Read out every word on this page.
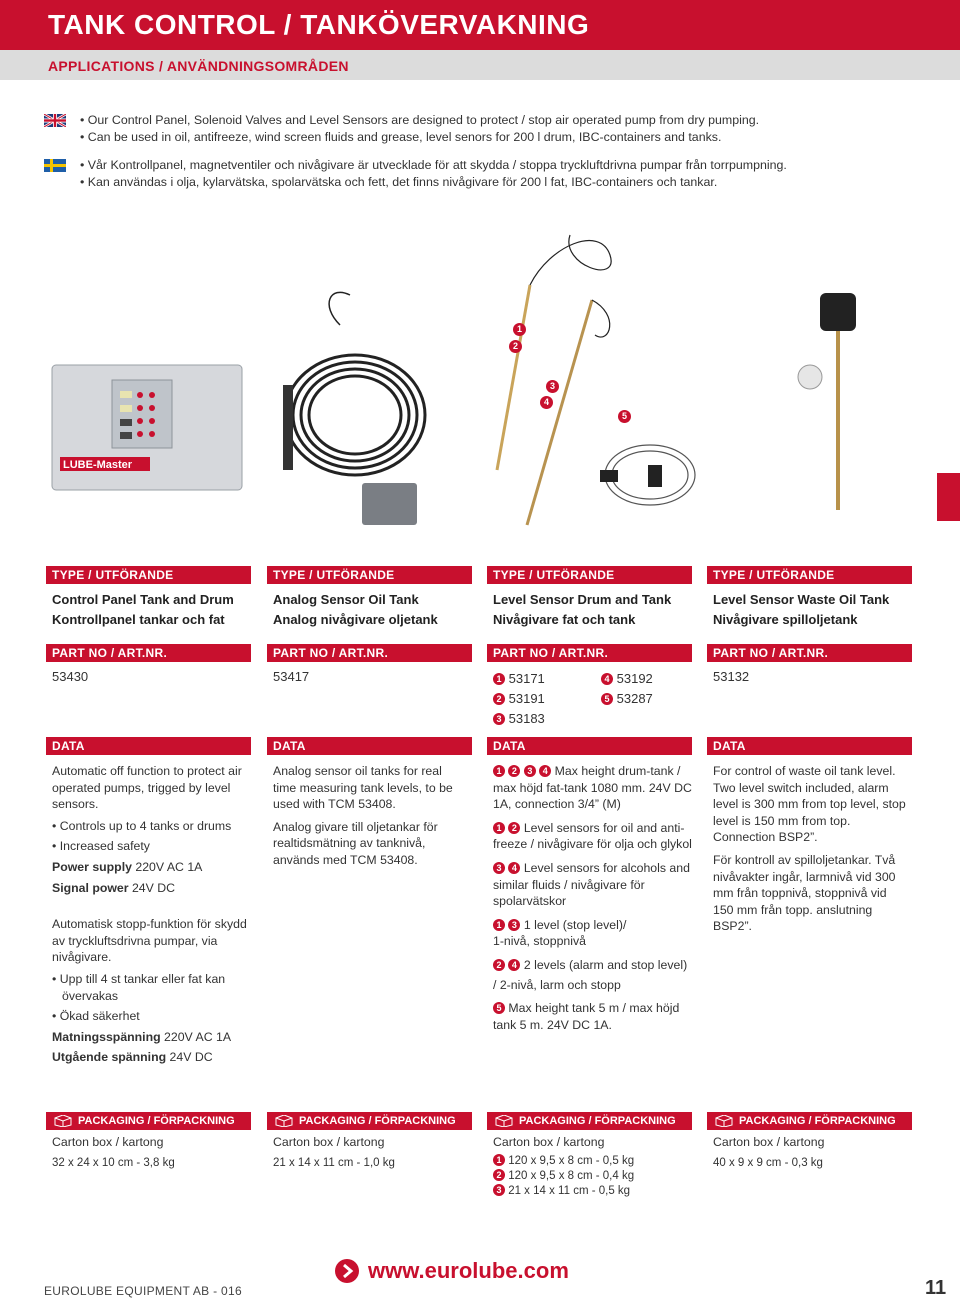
TANK CONTROL / TANKÖVERVAKNING
APPLICATIONS / ANVÄNDNINGSOMRÅDEN
• Our Control Panel, Solenoid Valves and Level Sensors are designed to protect / stop air operated pump from dry pumping.
• Can be used in oil, antifreeze, wind screen fluids and grease, level senors for 200 l drum, IBC-containers and tanks.
• Vår Kontrollpanel, magnetventiler och nivågivare är utvecklade för att skydda / stoppa tryckluftdrivna pumpar från torrpumpning.
• Kan användas i olja, kylarvätska, spolarvätska och fett, det finns nivågivare för 200 l fat, IBC-containers och tankar.
LUBE-Master
1
2
3
4
5
TYPE / UTFÖRANDE
Control Panel Tank and Drum
Kontrollpanel tankar och fat
PART NO / ART.NR.
53430
DATA

Automatic off function to protect air operated pumps, trigged by level sensors.

• Controls up to 4 tanks or drums

• Increased safety

Power supply 220V AC 1A

Signal power 24V DC

Automatisk stopp-funktion för skydd av tryckluftsdrivna pumpar, via nivågivare.

• Upp till 4 st tankar eller fat kan övervakas

• Ökad säkerhet

Matningsspänning 220V AC 1A

Utgående spänning 24V DC

TYPE / UTFÖRANDE
Analog Sensor Oil Tank
Analog nivågivare oljetank
PART NO / ART.NR.
53417
DATA

Analog sensor oil tanks for real time measuring tank levels, to be used with TCM 53408.

Analog givare till oljetankar för realtidsmätning av tanknivå, används med TCM 53408.

TYPE / UTFÖRANDE
Level Sensor Drum and Tank
Nivågivare fat och tank
PART NO / ART.NR.
1 53171
2 53191
3 53183
4 53192
5 53287
DATA

1 2 3 4 Max height drum-tank / max höjd fat-tank 1080 mm. 24V DC 1A, connection 3/4” (M)

1 2 Level sensors for oil and anti-freeze / nivågivare för olja och glykol

3 4 Level sensors for alcohols and similar fluids / nivågivare för spolarvätskor

1 3 1 level (stop level)/

1-nivå, stoppnivå

2 4 2 levels (alarm and stop level)

/ 2-nivå, larm och stopp

5 Max height tank 5 m / max höjd tank 5 m. 24V DC 1A.

TYPE / UTFÖRANDE
Level Sensor Waste Oil Tank
Nivågivare spilloljetank
PART NO / ART.NR.
53132
DATA

For control of waste oil tank level. Two level switch included, alarm level is 300 mm from top level, stop level is 150 mm from top. Connection BSP2”.

För kontroll av spilloljetankar. Två nivåvakter ingår, larmnivå vid 300 mm från toppnivå, stoppnivå vid 150 mm från topp. anslutning BSP2”.

PACKAGING / FÖRPACKNING
Carton box / kartong
32 x 24 x 10 cm - 3,8 kg
PACKAGING / FÖRPACKNING
Carton box / kartong
21 x 14 x 11 cm - 1,0 kg
PACKAGING / FÖRPACKNING
Carton box / kartong
1 120 x 9,5 x 8 cm - 0,5 kg
2 120 x 9,5 x 8 cm - 0,4 kg
3 21 x 14 x 11 cm - 0,5 kg
PACKAGING / FÖRPACKNING
Carton box / kartong
40 x 9 x 9 cm - 0,3 kg
EUROLUBE EQUIPMENT AB - 016
www.eurolube.com
11
